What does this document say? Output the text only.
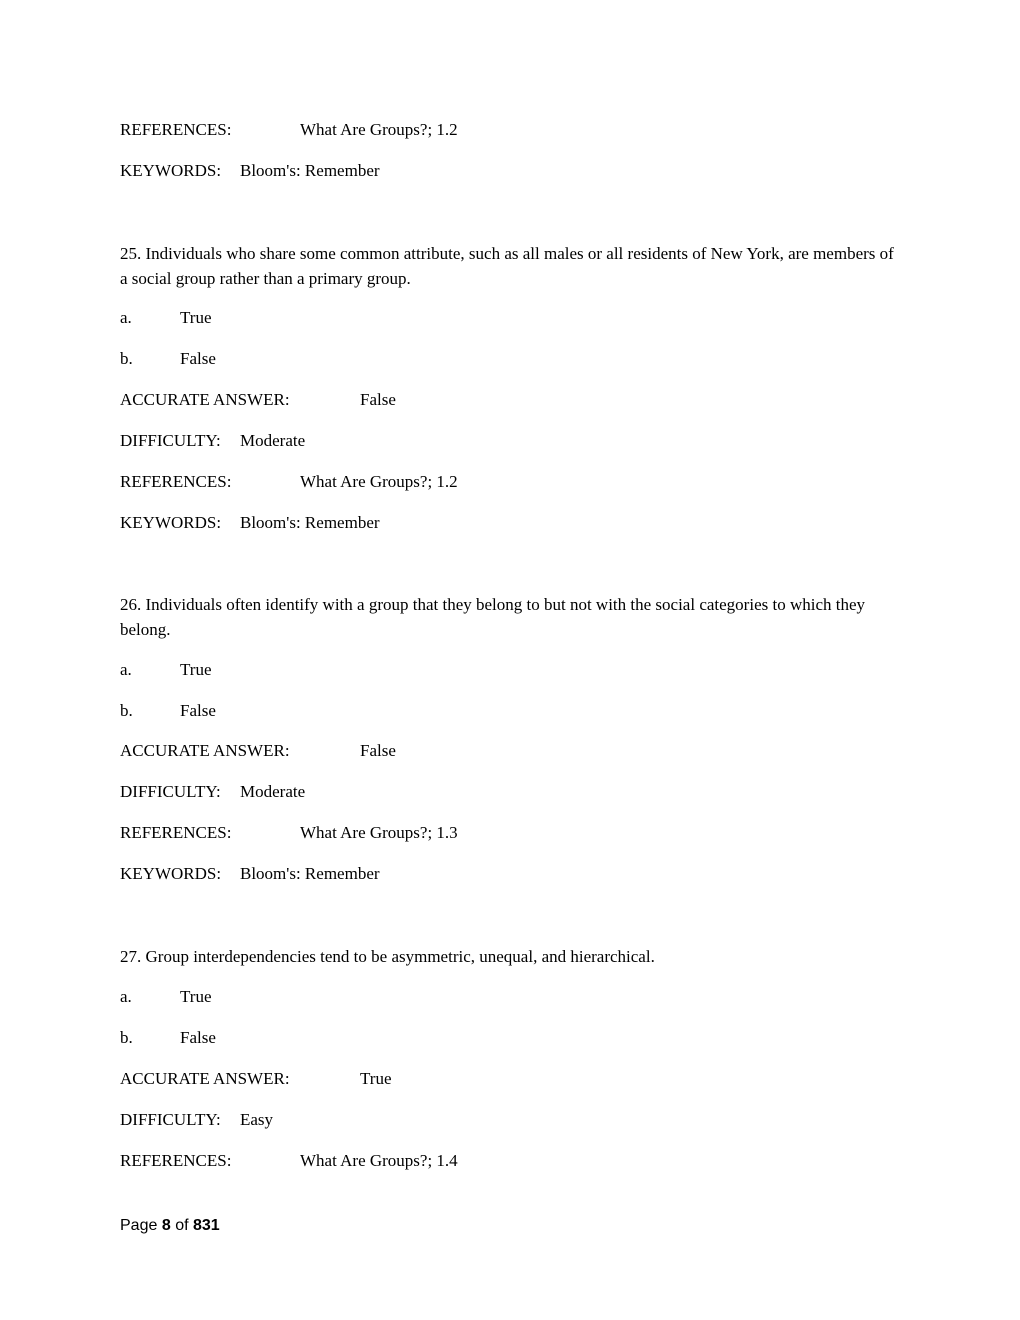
REFERENCES:	What Are Groups?; 1.2
KEYWORDS: Bloom's: Remember
25. Individuals who share some common attribute, such as all males or all residents of New York, are members of a social group rather than a primary group.
a.	True
b.	False
ACCURATE ANSWER:	False
DIFFICULTY: Moderate
REFERENCES:	What Are Groups?; 1.2
KEYWORDS: Bloom's: Remember
26. Individuals often identify with a group that they belong to but not with the social categories to which they belong.
a.	True
b.	False
ACCURATE ANSWER:	False
DIFFICULTY: Moderate
REFERENCES:	What Are Groups?; 1.3
KEYWORDS: Bloom's: Remember
27. Group interdependencies tend to be asymmetric, unequal, and hierarchical.
a.	True
b.	False
ACCURATE ANSWER:	True
DIFFICULTY: Easy
REFERENCES:	What Are Groups?; 1.4
Page 8 of 831
